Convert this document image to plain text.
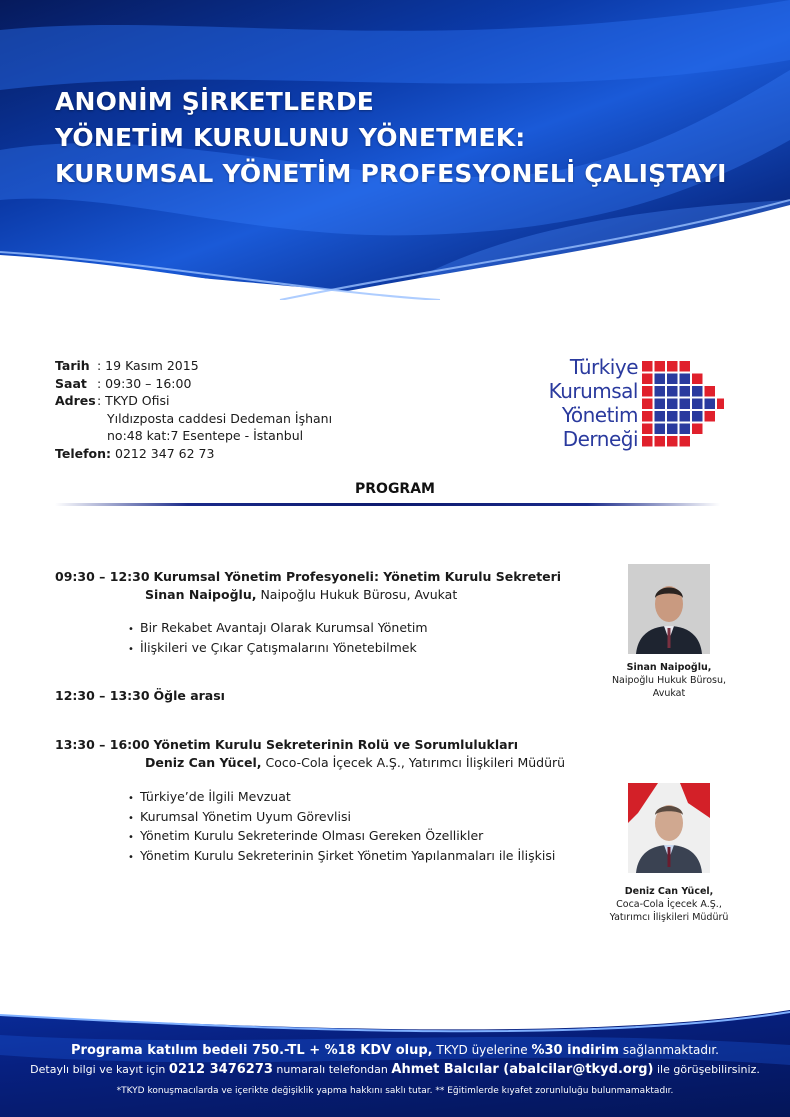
ANONİM ŞİRKETLERDE
YÖNETİM KURULUNU YÖNETMEK:
KURUMSAL YÖNETİM PROFESYONELİ ÇALIŞTAYI
Tarih : 19 Kasım 2015
Saat : 09:30 – 16:00
Adres: TKYD Ofisi
Yıldızposta caddesi Dedeman İşhanı
no:48 kat:7 Esentepe - İstanbul
Telefon: 0212 347 62 73
Türkiye
Kurumsal
Yönetim
Derneği
PROGRAM
09:30 – 12:30 Kurumsal Yönetim Profesyoneli: Yönetim Kurulu Sekreteri
Sinan Naipoğlu, Naipoğlu Hukuk Bürosu, Avukat
• Bir Rekabet Avantajı Olarak Kurumsal Yönetim
• İlişkileri ve Çıkar Çatışmalarını Yönetebilmek
12:30 – 13:30 Öğle arası
13:30 – 16:00 Yönetim Kurulu Sekreterinin Rolü ve Sorumlulukları
Deniz Can Yücel, Coco-Cola İçecek A.Ş., Yatırımcı İlişkileri Müdürü
• Türkiye’de İlgili Mevzuat
• Kurumsal Yönetim Uyum Görevlisi
• Yönetim Kurulu Sekreterinde Olması Gereken Özellikler
• Yönetim Kurulu Sekreterinin Şirket Yönetim Yapılanmaları ile İlişkisi
Sinan Naipoğlu,
Naipoğlu Hukuk Bürosu,
Avukat
Deniz Can Yücel,
Coca-Cola İçecek A.Ş.,
Yatırımcı İlişkileri Müdürü
Programa katılım bedeli 750.-TL + %18 KDV olup, TKYD üyelerine %30 indirim sağlanmaktadır.
Detaylı bilgi ve kayıt için 0212 3476273 numaralı telefondan Ahmet Balcılar (abalcilar@tkyd.org) ile görüşebilirsiniz.
*TKYD konuşmacılarda ve içerikte değişiklik yapma hakkını saklı tutar. ** Eğitimlerde kıyafet zorunluluğu bulunmamaktadır.
